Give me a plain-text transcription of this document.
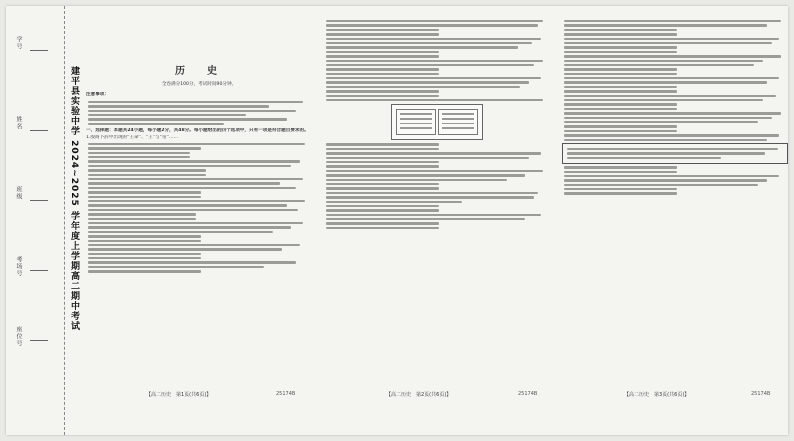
学号
姓名
班级
考场号
座位号
建平县实验中学 2024~2025 学年度上学期高二期中考试	历　史
全卷满分100分，考试时间90分钟。
注意事项：
一、选择题：本题共24小题，每小题2分，共48分。每小题给出的四个选项中，只有一项是符合题目要求的。
1.殷商卜辞中出现的“王命”、“王”与“帝”……
【高二历史　第1页(共6页)】	25174B	【高二历史　第2页(共6页)】	25174B	【高二历史　第3页(共6页)】	25174B
